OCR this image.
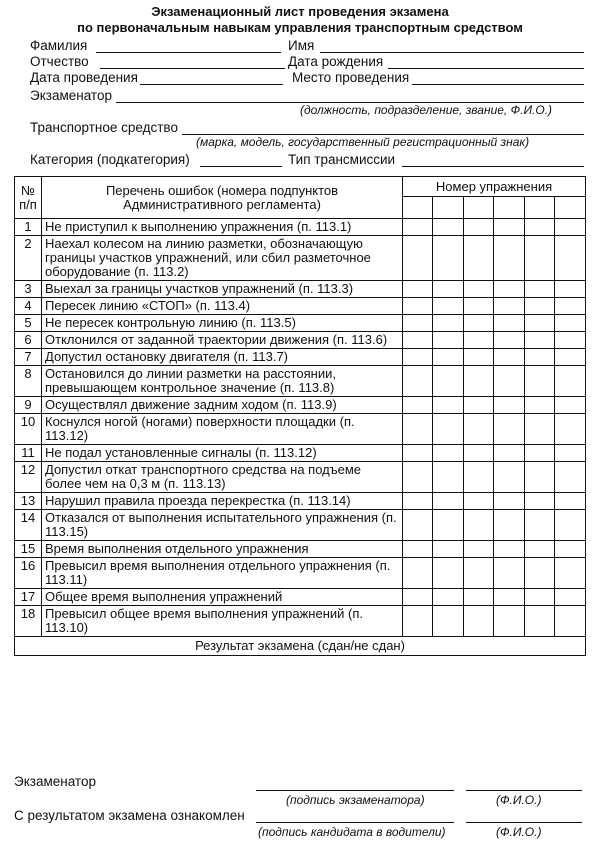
Экзаменационный лист проведения экзамена
по первоначальным навыкам управления транспортным средством
Фамилия	Имя
Отчество	Дата рождения
Дата проведения	Место проведения
Экзаменатор
(должность, подразделение, звание, Ф.И.О.)
Транспортное средство
(марка, модель, государственный регистрационный знак)
Категория (подкатегория)	Тип трансмиссии
№ п/п	Перечень ошибок (номера подпунктов Административного регламента)	Номер упражнения					

1	Не приступил к выполнению упражнения (п. 113.1)						
2	Наехал колесом на линию разметки, обозначающую границы участков упражнений, или сбил разметочное оборудование (п. 113.2)						
3	Выехал за границы участков упражнений (п. 113.3)						
4	Пересек линию «СТОП» (п. 113.4)						
5	Не пересек контрольную линию (п. 113.5)						
6	Отклонился от заданной траектории движения (п. 113.6)						
7	Допустил остановку двигателя (п. 113.7)						
8	Остановился до линии разметки на расстоянии, превышающем контрольное значение (п. 113.8)						
9	Осуществлял движение задним ходом (п. 113.9)						
10	Коснулся ногой (ногами) поверхности площадки (п. 113.12)						
11	Не подал установленные сигналы (п. 113.12)						
12	Допустил откат транспортного средства на подъеме более чем на 0,3 м (п. 113.13)						
13	Нарушил правила проезда перекрестка (п. 113.14)						
14	Отказался от выполнения испытательного упражнения (п. 113.15)						
15	Время выполнения отдельного упражнения						
16	Превысил время выполнения отдельного упражнения (п. 113.11)						
17	Общее время выполнения упражнений						
18	Превысил общее время выполнения упражнений (п. 113.10)						
Результат экзамена (сдан/не сдан)							
Экзаменатор
(подпись экзаменатора)	(Ф.И.О.)
С результатом экзамена ознакомлен
(подпись кандидата в водители)	(Ф.И.О.)
